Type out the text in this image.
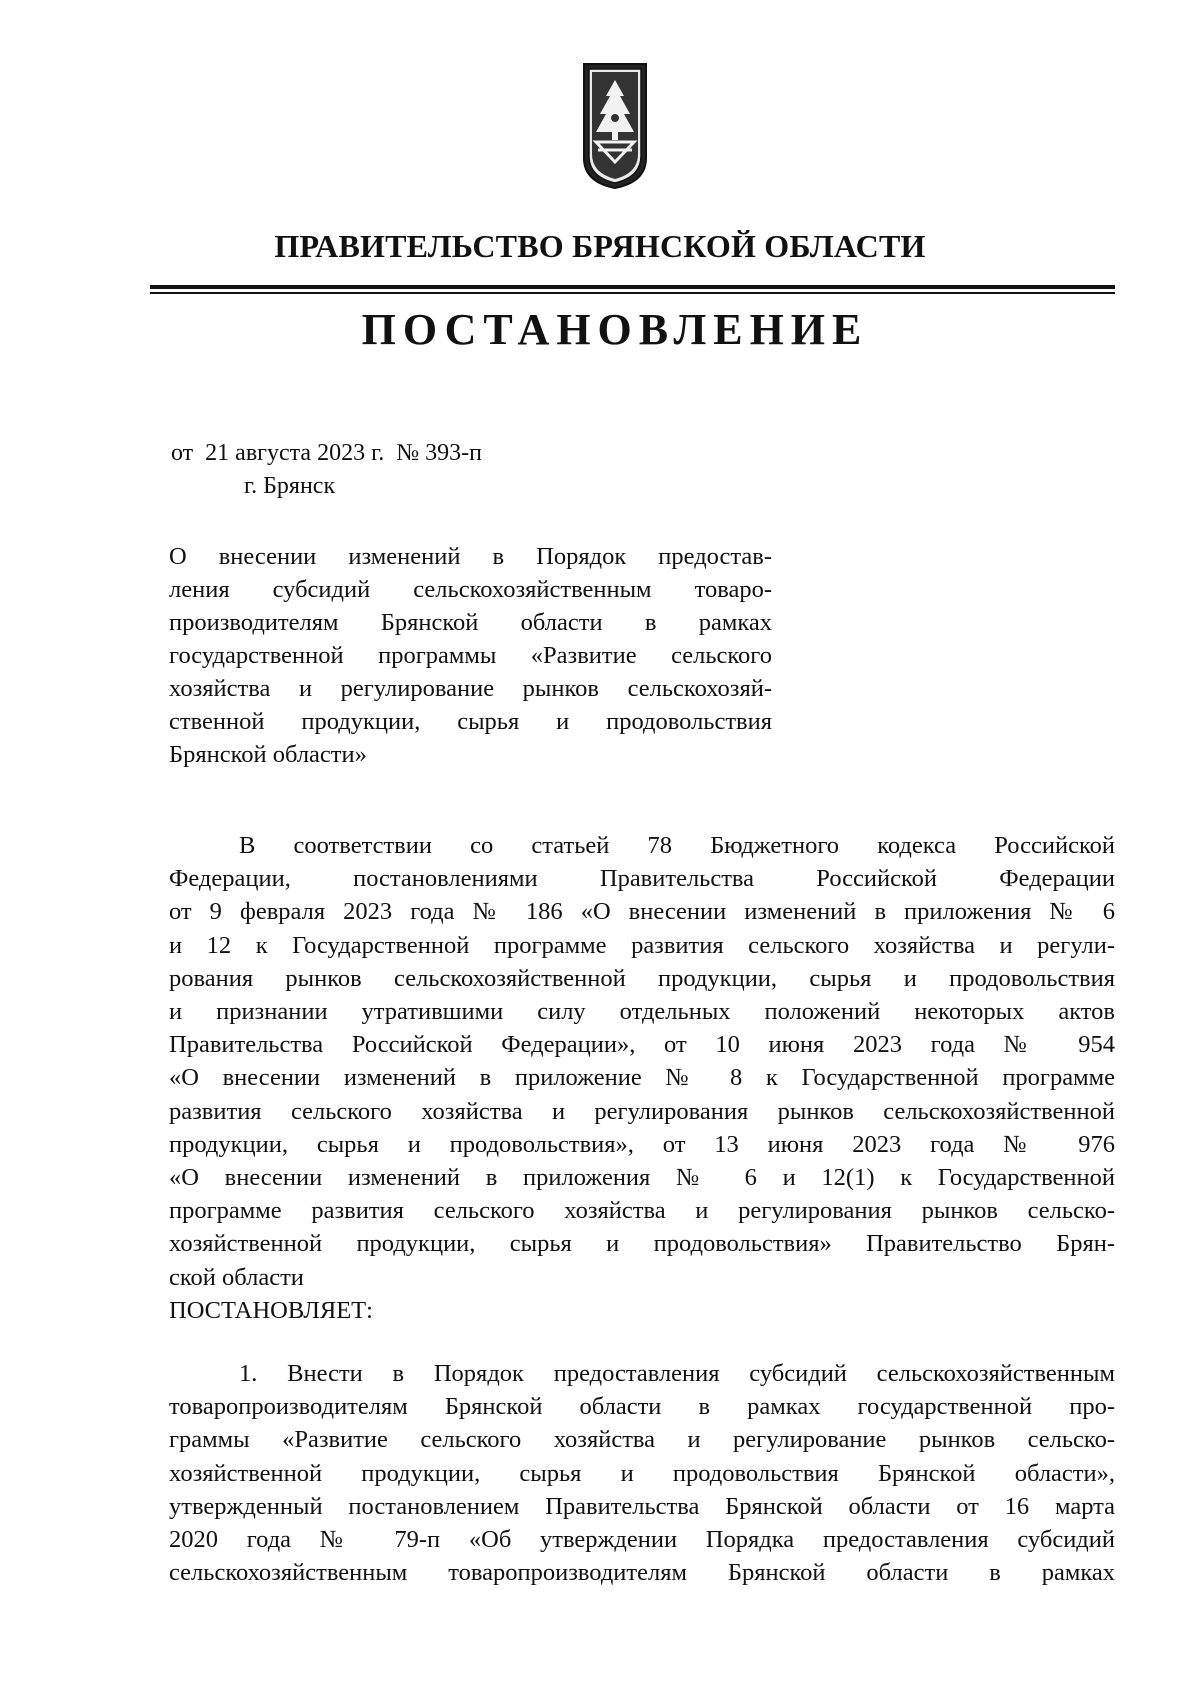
ПРАВИТЕЛЬСТВО БРЯНСКОЙ ОБЛАСТИ
ПОСТАНОВЛЕНИЕ
от  21 августа 2023 г.  № 393-п
г. Брянск
О внесении изменений в Порядок предостав-
ления субсидий сельскохозяйственным товаро-
производителям Брянской области в рамках
государственной программы «Развитие сельского
хозяйства и регулирование рынков сельскохозяй-
ственной продукции, сырья и продовольствия
Брянской области»
В соответствии со статьей 78 Бюджетного кодекса Российской
Федерации, постановлениями Правительства Российской Федерации
от 9 февраля 2023 года № 186 «О внесении изменений в приложения № 6
и 12 к Государственной программе развития сельского хозяйства и регули-
рования рынков сельскохозяйственной продукции, сырья и продовольствия
и признании утратившими силу отдельных положений некоторых актов
Правительства Российской Федерации», от 10 июня 2023 года № 954
«О внесении изменений в приложение № 8 к Государственной программе
развития сельского хозяйства и регулирования рынков сельскохозяйственной
продукции, сырья и продовольствия», от 13 июня 2023 года № 976
«О внесении изменений в приложения № 6 и 12(1) к Государственной
программе развития сельского хозяйства и регулирования рынков сельско-
хозяйственной продукции, сырья и продовольствия» Правительство Брян-
ской области
ПОСТАНОВЛЯЕТ:
1. Внести в Порядок предоставления субсидий сельскохозяйственным
товаропроизводителям Брянской области в рамках государственной про-
граммы «Развитие сельского хозяйства и регулирование рынков сельско-
хозяйственной продукции, сырья и продовольствия Брянской области»,
утвержденный постановлением Правительства Брянской области от 16 марта
2020 года № 79-п «Об утверждении Порядка предоставления субсидий
сельскохозяйственным товаропроизводителям Брянской области в рамках
